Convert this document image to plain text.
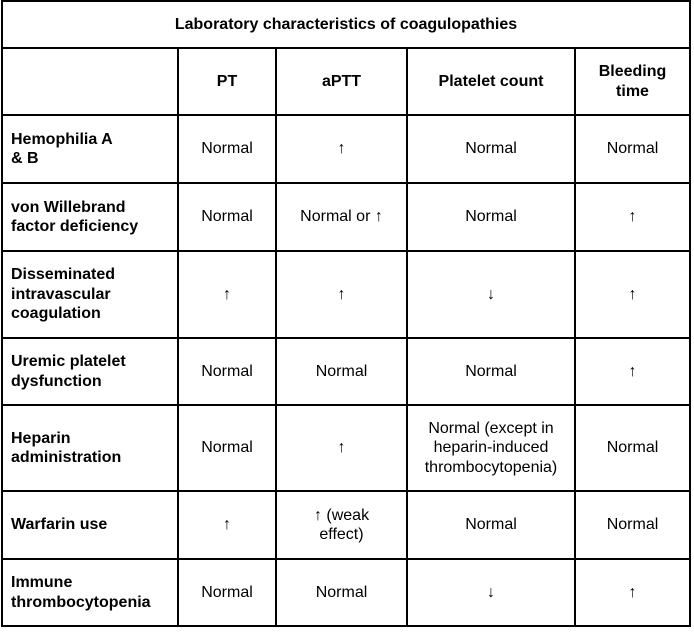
Laboratory characteristics of coagulopathies				
	PT	aPTT	Platelet count	Bleeding time
Hemophilia A & B	Normal	↑	Normal	Normal
von Willebrand factor deficiency	Normal	Normal or ↑	Normal	↑
Disseminated intravascular coagulation	↑	↑	↓	↑
Uremic platelet dysfunction	Normal	Normal	Normal	↑
Heparin administration	Normal	↑	Normal (except in heparin-induced thrombocytopenia)	Normal
Warfarin use	↑	↑ (weak effect)	Normal	Normal
Immune thrombocytopenia	Normal	Normal	↓	↑
